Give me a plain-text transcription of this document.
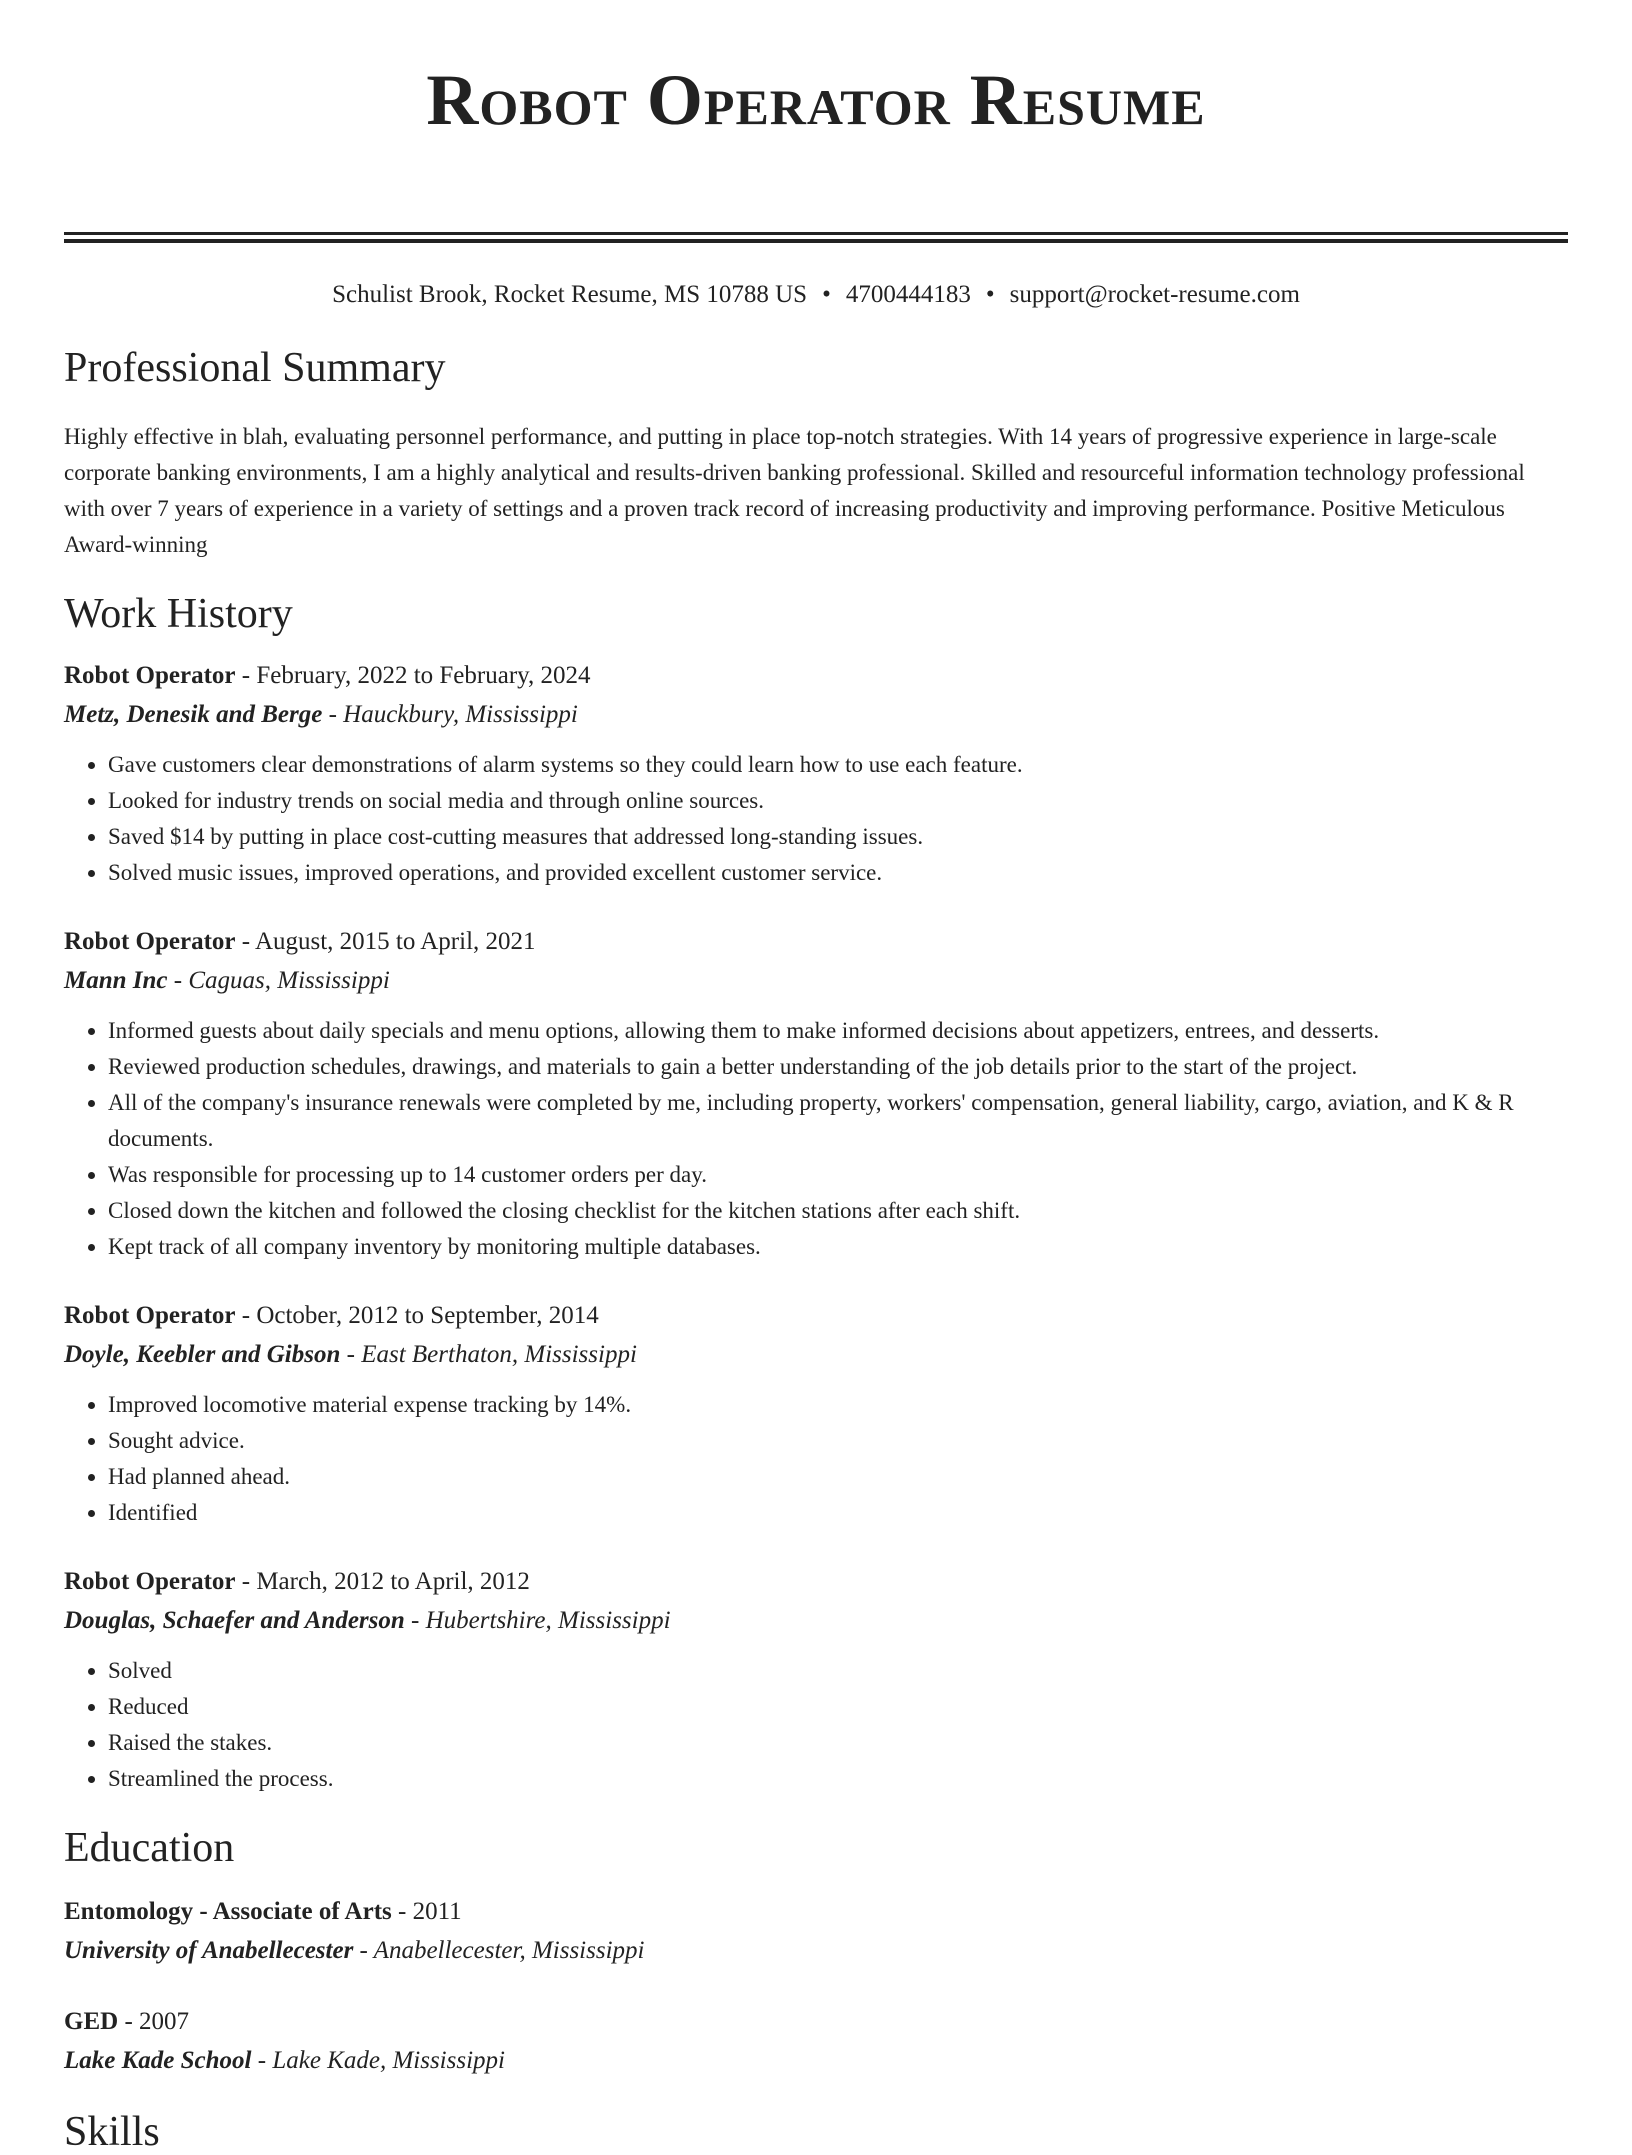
Robot Operator Resume
Schulist Brook, Rocket Resume, MS 10788 US • 4700444183 • support@rocket-resume.com
Professional Summary

Highly effective in blah, evaluating personnel performance, and putting in place top-notch strategies. With 14 years of progressive experience in large-scale corporate banking environments, I am a highly analytical and results-driven banking professional. Skilled and resourceful information technology professional with over 7 years of experience in a variety of settings and a proven track record of increasing productivity and improving performance. Positive Meticulous Award-winning

Work History
Robot Operator - February, 2022 to February, 2024
Metz, Denesik and Berge - Hauckbury, Mississippi
• Gave customers clear demonstrations of alarm systems so they could learn how to use each feature.
• Looked for industry trends on social media and through online sources.
• Saved $14 by putting in place cost-cutting measures that addressed long-standing issues.
• Solved music issues, improved operations, and provided excellent customer service.
Robot Operator - August, 2015 to April, 2021
Mann Inc - Caguas, Mississippi
• Informed guests about daily specials and menu options, allowing them to make informed decisions about appetizers, entrees, and desserts.
• Reviewed production schedules, drawings, and materials to gain a better understanding of the job details prior to the start of the project.
• All of the company's insurance renewals were completed by me, including property, workers' compensation, general liability, cargo, aviation, and K & R documents.
• Was responsible for processing up to 14 customer orders per day.
• Closed down the kitchen and followed the closing checklist for the kitchen stations after each shift.
• Kept track of all company inventory by monitoring multiple databases.
Robot Operator - October, 2012 to September, 2014
Doyle, Keebler and Gibson - East Berthaton, Mississippi
• Improved locomotive material expense tracking by 14%.
• Sought advice.
• Had planned ahead.
• Identified
Robot Operator - March, 2012 to April, 2012
Douglas, Schaefer and Anderson - Hubertshire, Mississippi
• Solved
• Reduced
• Raised the stakes.
• Streamlined the process.
Education
Entomology - Associate of Arts - 2011
University of Anabellecester - Anabellecester, Mississippi
GED - 2007
Lake Kade School - Lake Kade, Mississippi
Skills
